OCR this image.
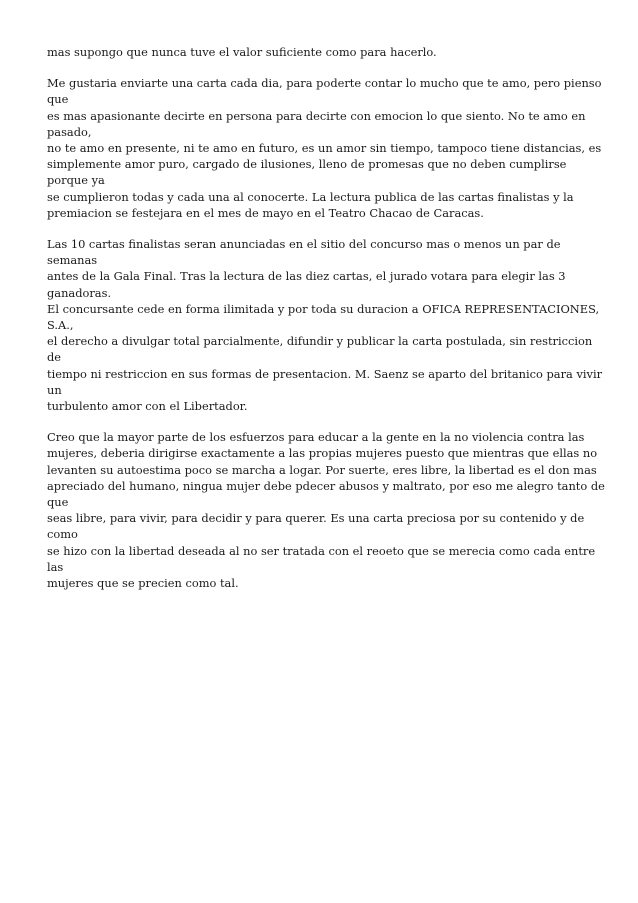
mas supongo que nunca tuve el valor suficiente como para hacerlo.

Me gustaria enviarte una carta cada dia, para poderte contar lo mucho que te amo, pero pienso que
es mas apasionante decirte en persona para decirte con emocion lo que siento. No te amo en pasado,
no te amo en presente, ni te amo en futuro, es un amor sin tiempo, tampoco tiene distancias, es
simplemente amor puro, cargado de ilusiones, lleno de promesas que no deben cumplirse porque ya
se cumplieron todas y cada una al conocerte. La lectura publica de las cartas finalistas y la
premiacion se festejara en el mes de mayo en el Teatro Chacao de Caracas.

Las 10 cartas finalistas seran anunciadas en el sitio del concurso mas o menos un par de semanas
antes de la Gala Final. Tras la lectura de las diez cartas, el jurado votara para elegir las 3 ganadoras.
El concursante cede en forma ilimitada y por toda su duracion a OFICA REPRESENTACIONES, S.A.,
el derecho a divulgar total parcialmente, difundir y publicar la carta postulada, sin restriccion de
tiempo ni restriccion en sus formas de presentacion. M. Saenz se aparto del britanico para vivir un
turbulento amor con el Libertador.

Creo que la mayor parte de los esfuerzos para educar a la gente en la no violencia contra las
mujeres, deberia dirigirse exactamente a las propias mujeres puesto que mientras que ellas no
levanten su autoestima poco se marcha a logar. Por suerte, eres libre, la libertad es el don mas
apreciado del humano, ningua mujer debe pdecer abusos y maltrato, por eso me alegro tanto de que
seas libre, para vivir, para decidir y para querer. Es una carta preciosa por su contenido y de como
se hizo con la libertad deseada al no ser tratada con el reoeto que se merecia como cada entre las
mujeres que se precien como tal.
